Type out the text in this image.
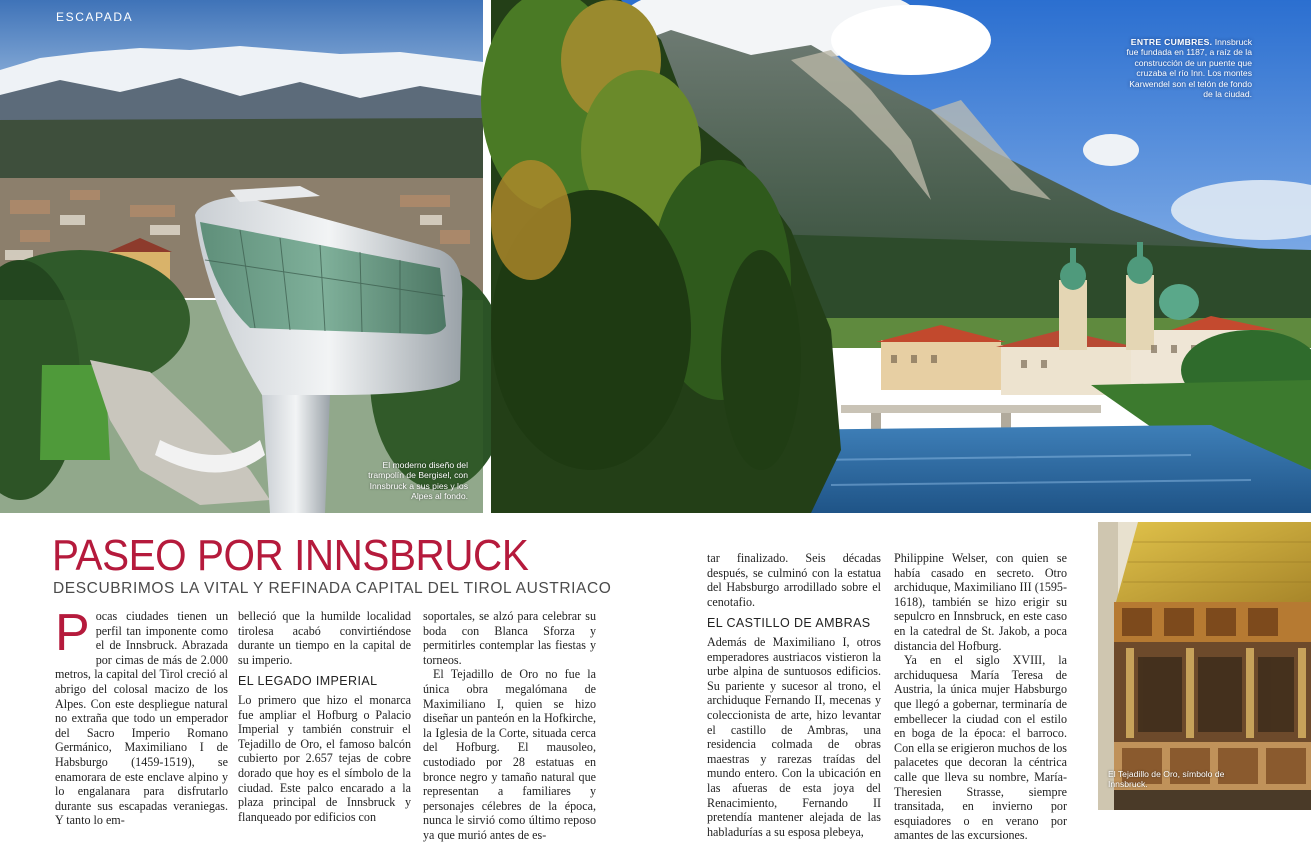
ESCAPADA
El moderno diseño del trampolín de Bergisel, con Innsbruck a sus pies y los Alpes al fondo.
ENTRE CUMBRES. Innsbruck fue fundada en 1187, a raíz de la construcción de un puente que cruzaba el río Inn. Los montes Karwendel son el telón de fondo de la ciudad.
El Tejadillo de Oro, símbolo de Innsbruck.
PASEO POR INNSBRUCK
DESCUBRIMOS LA VITAL Y REFINADA CAPITAL DEL TIROL AUSTRIACO

Pocas ciudades tienen un perfil tan imponente como el de Innsbruck. Abrazada por cimas de más de 2.000 metros, la capital del Tirol creció al abrigo del colosal macizo de los Alpes. Con este despliegue natural no extraña que todo un emperador del Sacro Imperio Romano Germánico, Maximiliano I de Habsburgo (1459-1519), se enamorara de este enclave alpino y lo engalanara para disfrutarlo durante sus escapadas veraniegas. Y tanto lo em-

belleció que la humilde localidad tirolesa acabó convirtiéndose durante un tiempo en la capital de su imperio.

EL LEGADO IMPERIAL

Lo primero que hizo el monarca fue ampliar el Hofburg o Palacio Imperial y también construir el Tejadillo de Oro, el famoso balcón cubierto por 2.657 tejas de cobre dorado que hoy es el símbolo de la ciudad. Este palco encarado a la plaza principal de Innsbruck y flanqueado por edificios con

soportales, se alzó para celebrar su boda con Blanca Sforza y permitirles contemplar las fiestas y torneos.

El Tejadillo de Oro no fue la única obra megalómana de Maximiliano I, quien se hizo diseñar un panteón en la Hofkirche, la Iglesia de la Corte, situada cerca del Hofburg. El mausoleo, custodiado por 28 estatuas en bronce negro y tamaño natural que representan a familiares y personajes célebres de la época, nunca le sirvió como último reposo ya que murió antes de es-

tar finalizado. Seis décadas después, se culminó con la estatua del Habsburgo arrodillado sobre el cenotafio.

EL CASTILLO DE AMBRAS

Además de Maximiliano I, otros emperadores austriacos vistieron la urbe alpina de suntuosos edificios. Su pariente y sucesor al trono, el archiduque Fernando II, mecenas y coleccionista de arte, hizo levantar el castillo de Ambras, una residencia colmada de obras maestras y rarezas traídas del mundo entero. Con la ubicación en las afueras de esta joya del Renacimiento, Fernando II pretendía mantener alejada de las habladurías a su esposa plebeya,

Philippine Welser, con quien se había casado en secreto. Otro archiduque, Maximiliano III (1595-1618), también se hizo erigir su sepulcro en Innsbruck, en este caso en la catedral de St. Jakob, a poca distancia del Hofburg.

Ya en el siglo XVIII, la archiduquesa María Teresa de Austria, la única mujer Habsburgo que llegó a gobernar, terminaría de embellecer la ciudad con el estilo en boga de la época: el barroco. Con ella se erigieron muchos de los palacetes que decoran la céntrica calle que lleva su nombre, María-Theresien Strasse, siempre transitada, en invierno por esquiadores o en verano por amantes de las excursiones.
